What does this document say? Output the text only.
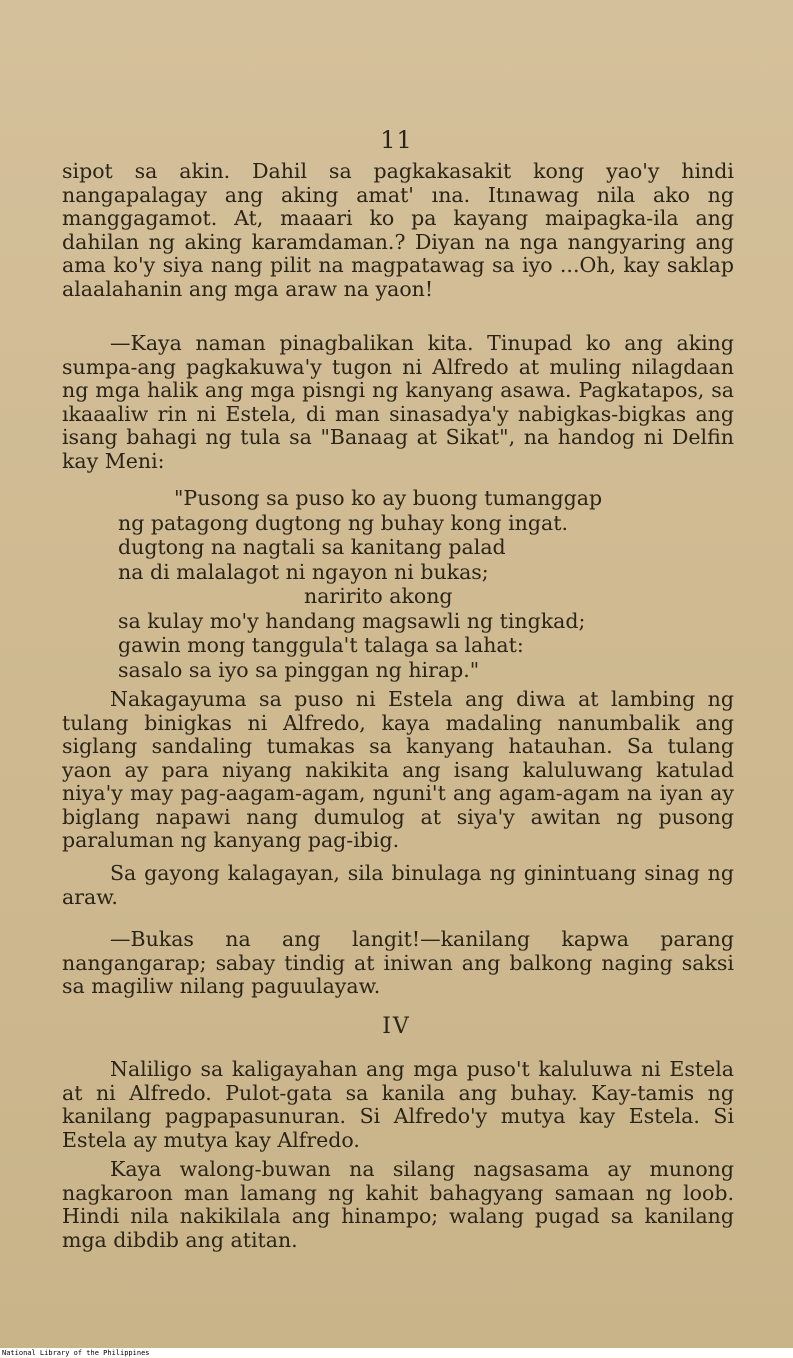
11

sipot sa akin. Dahil sa pagkakasakit kong yao'y hindi nangapalagay ang aking amat' ına. Itınawag nila ako ng manggagamot. At, maaari ko pa kayang maipagka-ila ang dahilan ng aking karamdaman.? Diyan na nga nangyaring ang ama ko'y siya nang pilit na magpatawag sa iyo ...Oh, kay saklap alaalahanin ang mga araw na yaon!

—Kaya naman pinagbalikan kita. Tinupad ko ang aking sumpa-ang pagkakuwa'y tugon ni Alfredo at muling nilagdaan ng mga halik ang mga pisngi ng kanyang asawa. Pagkatapos, sa ıkaaaliw rin ni Estela, di man sinasadya'y nabigkas-bigkas ang isang bahagi ng tula sa "Banaag at Sikat", na handog ni Delfin kay Meni:

"Pusong sa puso ko ay buong tumanggap
ng patagong dugtong ng buhay kong ingat.
dugtong na nagtali sa kanitang palad
na di malalagot ni ngayon ni bukas;
naririto akong
sa kulay mo'y handang magsawli ng tingkad;
gawin mong tanggula't talaga sa lahat:
sasalo sa iyo sa pinggan ng hirap."

Nakagayuma sa puso ni Estela ang diwa at lambing ng tulang binigkas ni Alfredo, kaya madaling nanumbalik ang siglang sandaling tumakas sa kanyang hatauhan. Sa tulang yaon ay para niyang nakikita ang isang kaluluwang katulad niya'y may pag-aagam-agam, nguni't ang agam-agam na iyan ay biglang napawi nang dumulog at siya'y awitan ng pusong paraluman ng kanyang pag-ibig.

Sa gayong kalagayan, sila binulaga ng ginintuang sinag ng araw.

—Bukas na ang langit!—kanilang kapwa parang nangangarap; sabay tindig at iniwan ang balkong naging saksi sa magiliw nilang paguulayaw.

IV

Naliligo sa kaligayahan ang mga puso't kaluluwa ni Estela at ni Alfredo. Pulot-gata sa kanila ang buhay. Kay-tamis ng kanilang pagpapasunuran. Si Alfredo'y mutya kay Estela. Si Estela ay mutya kay Alfredo.

Kaya walong-buwan na silang nagsasama ay munong nagkaroon man lamang ng kahit bahagyang samaan ng loob. Hindi nila nakikilala ang hinampo; walang pugad sa kanilang mga dibdib ang atitan.

National Library of the Philippines
